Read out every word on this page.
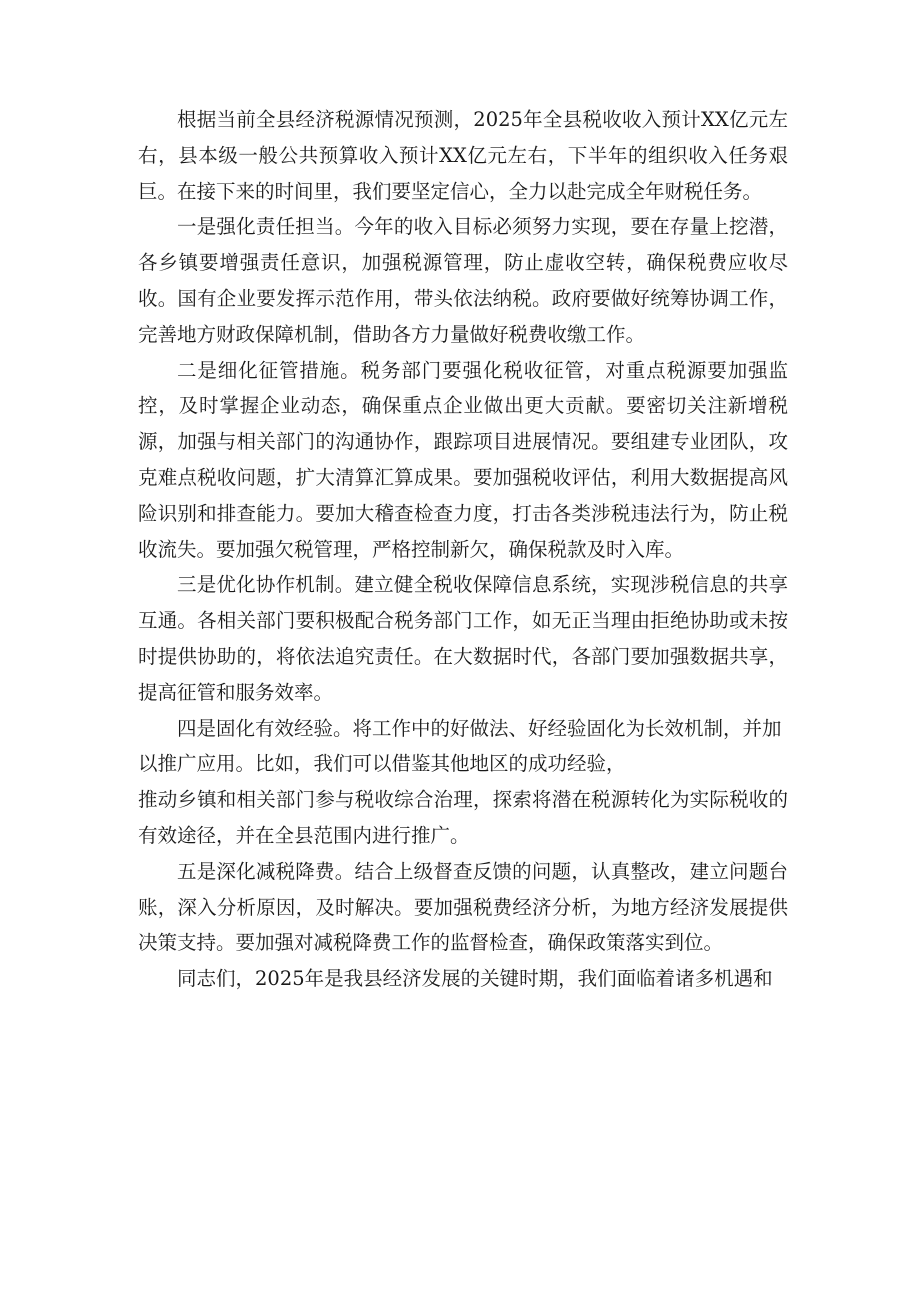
根据当前全县经济税源情况预测，2025年全县税收收入预计XX亿元左右，县本级一般公共预算收入预计XX亿元左右，下半年的组织收入任务艰巨。在接下来的时间里，我们要坚定信心，全力以赴完成全年财税任务。

一是强化责任担当。今年的收入目标必须努力实现，要在存量上挖潜，各乡镇要增强责任意识，加强税源管理，防止虚收空转，确保税费应收尽收。国有企业要发挥示范作用，带头依法纳税。政府要做好统筹协调工作，完善地方财政保障机制，借助各方力量做好税费收缴工作。

二是细化征管措施。税务部门要强化税收征管，对重点税源要加强监控，及时掌握企业动态，确保重点企业做出更大贡献。要密切关注新增税源，加强与相关部门的沟通协作，跟踪项目进展情况。要组建专业团队，攻克难点税收问题，扩大清算汇算成果。要加强税收评估，利用大数据提高风险识别和排查能力。要加大稽查检查力度，打击各类涉税违法行为，防止税收流失。要加强欠税管理，严格控制新欠，确保税款及时入库。

三是优化协作机制。建立健全税收保障信息系统，实现涉税信息的共享互通。各相关部门要积极配合税务部门工作，如无正当理由拒绝协助或未按时提供协助的，将依法追究责任。在大数据时代，各部门要加强数据共享，提高征管和服务效率。

四是固化有效经验。将工作中的好做法、好经验固化为长效机制，并加以推广应用。比如，我们可以借鉴其他地区的成功经验，

推动乡镇和相关部门参与税收综合治理，探索将潜在税源转化为实际税收的有效途径，并在全县范围内进行推广。

五是深化减税降费。结合上级督查反馈的问题，认真整改，建立问题台账，深入分析原因，及时解决。要加强税费经济分析，为地方经济发展提供决策支持。要加强对减税降费工作的监督检查，确保政策落实到位。

同志们，2025年是我县经济发展的关键时期，我们面临着诸多机遇和
